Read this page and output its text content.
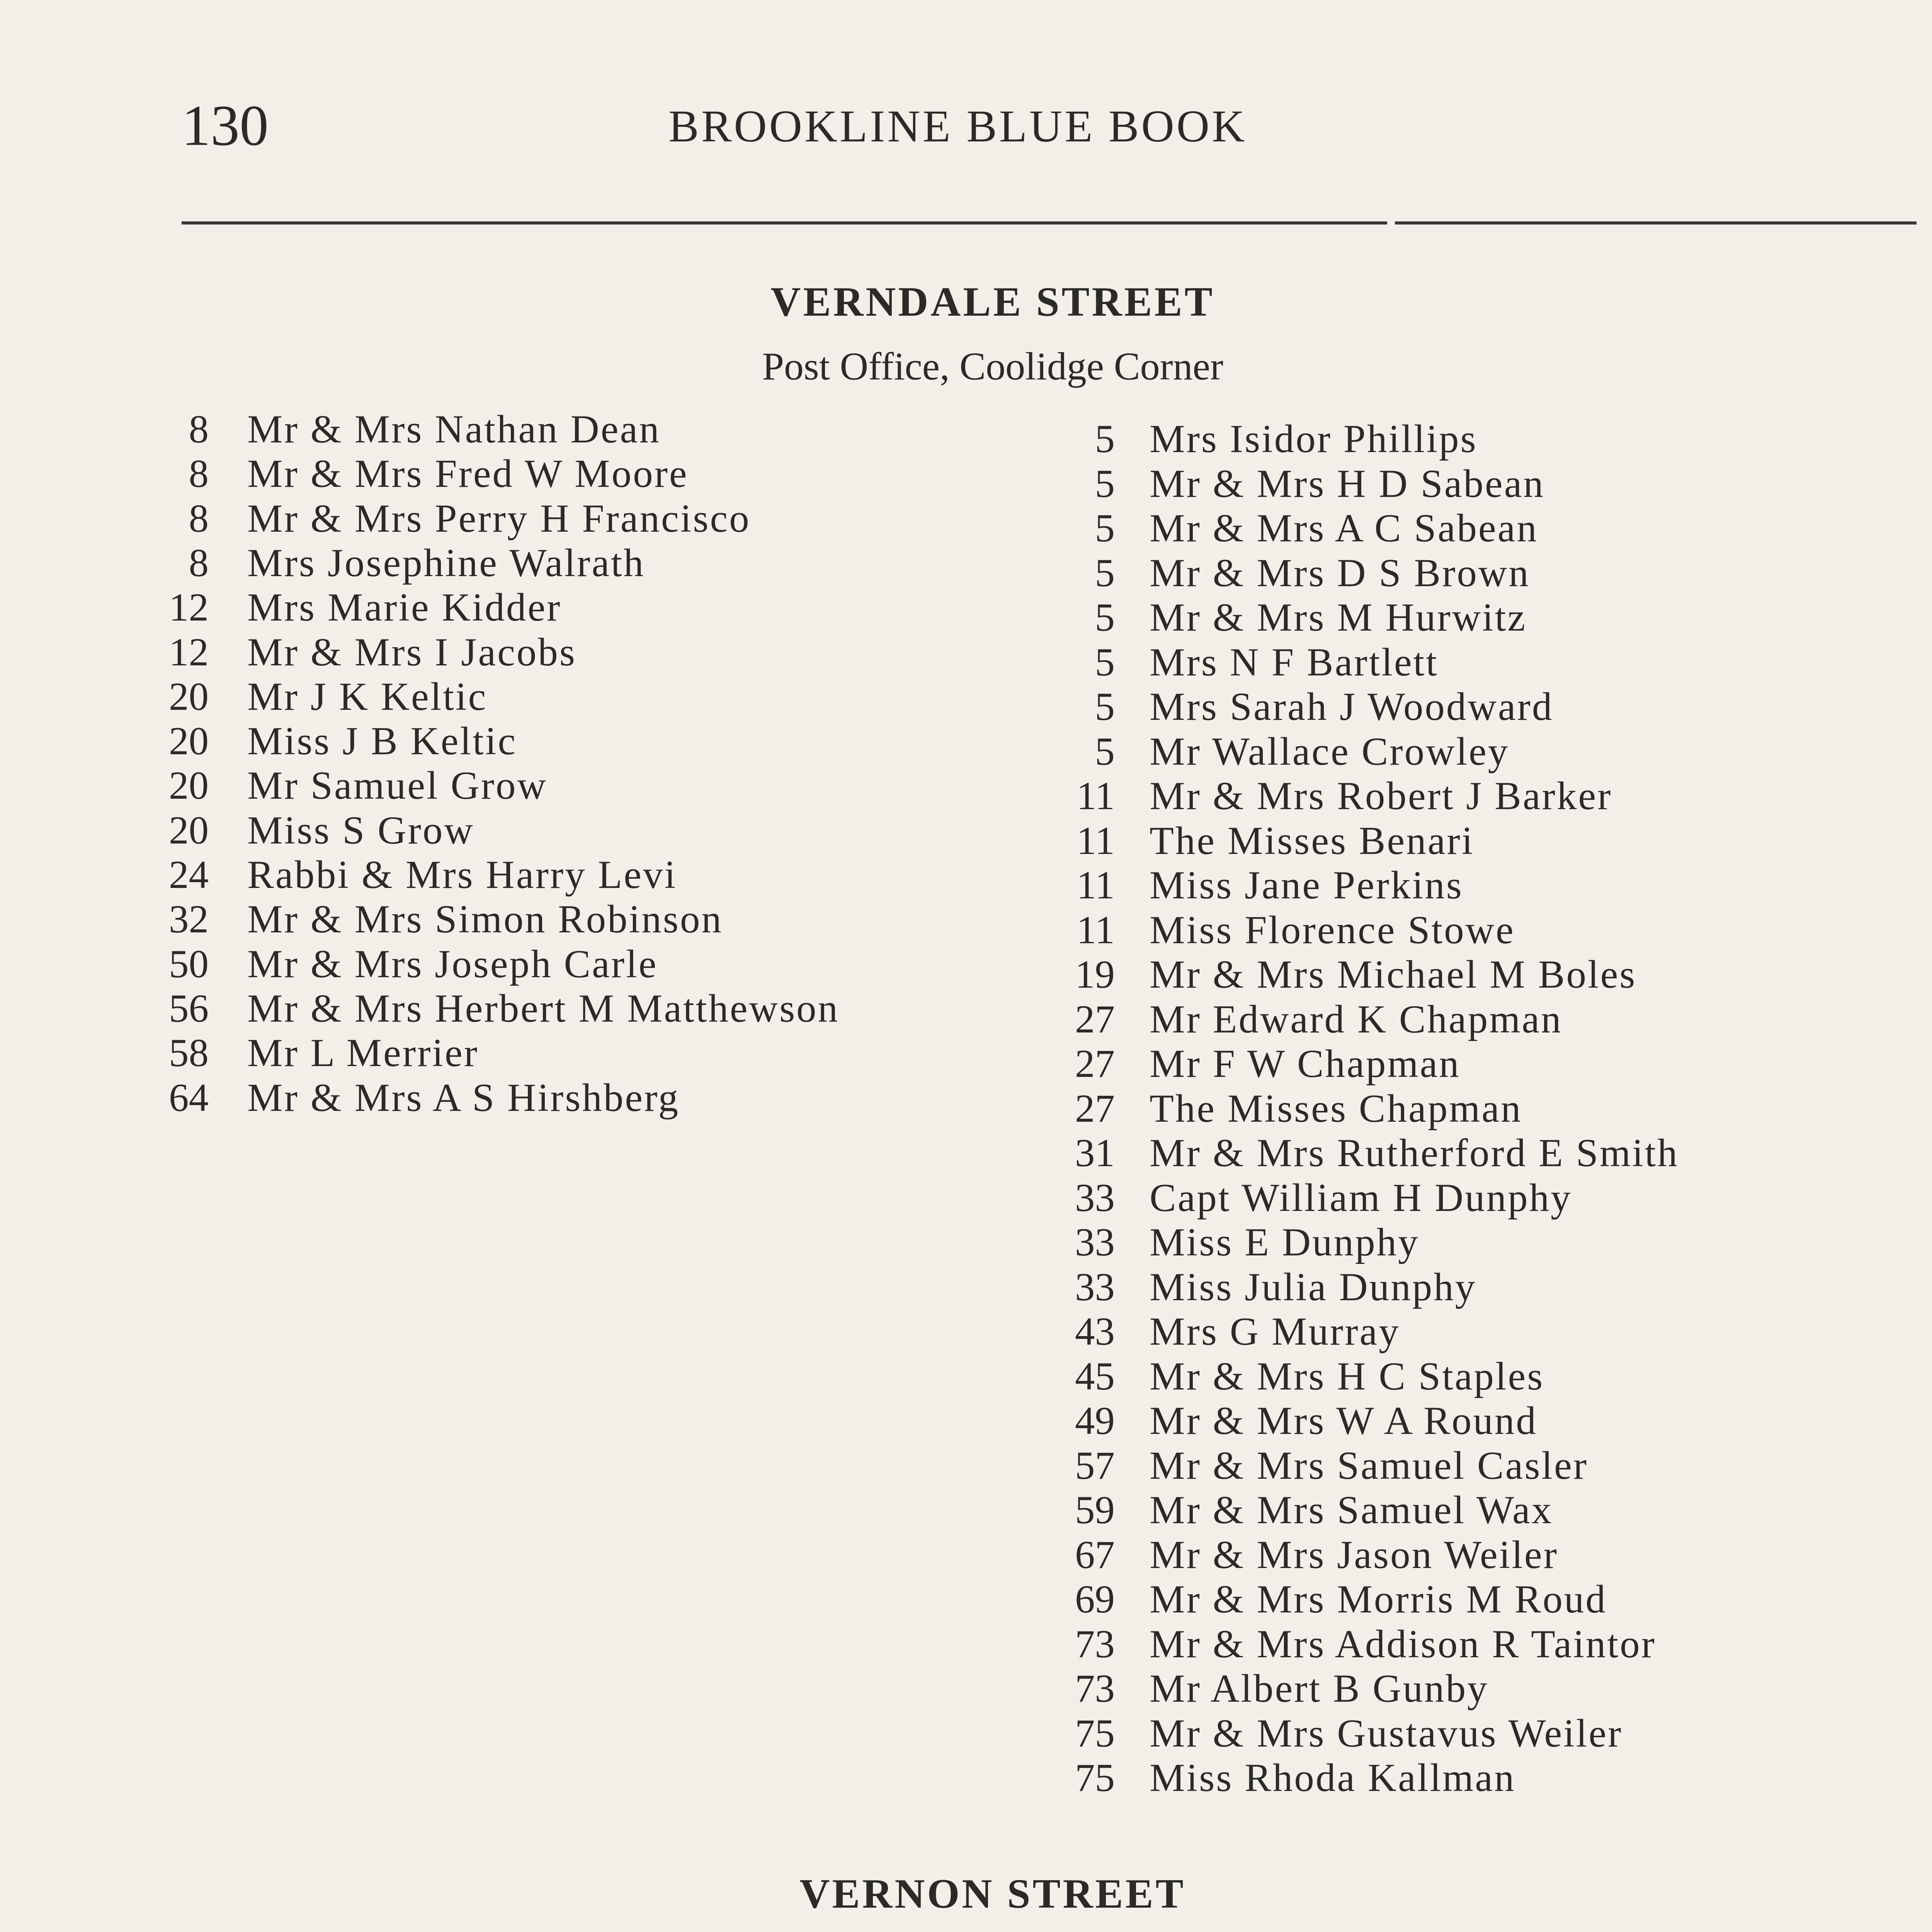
130	BROOKLINE BLUE BOOK
VERNDALE STREET
Post Office, Coolidge Corner
8 Mr & Mrs Nathan Dean
8 Mr & Mrs Fred W Moore
8 Mr & Mrs Perry H Francisco
8 Mrs Josephine Walrath
12 Mrs Marie Kidder
12 Mr & Mrs I Jacobs
20 Mr J K Keltic
20 Miss J B Keltic
20 Mr Samuel Grow
20 Miss S Grow
24 Rabbi & Mrs Harry Levi
32 Mr & Mrs Simon Robinson
50 Mr & Mrs Joseph Carle
56 Mr & Mrs Herbert M Matthewson
58 Mr L Merrier
64 Mr & Mrs A S Hirshberg
5 Mrs Isidor Phillips
5 Mr & Mrs H D Sabean
5 Mr & Mrs A C Sabean
5 Mr & Mrs D S Brown
5 Mr & Mrs M Hurwitz
5 Mrs N F Bartlett
5 Mrs Sarah J Woodward
5 Mr Wallace Crowley
11 Mr & Mrs Robert J Barker
11 The Misses Benari
11 Miss Jane Perkins
11 Miss Florence Stowe
19 Mr & Mrs Michael M Boles
27 Mr Edward K Chapman
27 Mr F W Chapman
27 The Misses Chapman
31 Mr & Mrs Rutherford E Smith
33 Capt William H Dunphy
33 Miss E Dunphy
33 Miss Julia Dunphy
43 Mrs G Murray
45 Mr & Mrs H C Staples
49 Mr & Mrs W A Round
57 Mr & Mrs Samuel Casler
59 Mr & Mrs Samuel Wax
67 Mr & Mrs Jason Weiler
69 Mr & Mrs Morris M Roud
73 Mr & Mrs Addison R Taintor
73 Mr Albert B Gunby
75 Mr & Mrs Gustavus Weiler
75 Miss Rhoda Kallman
VERNON STREET
